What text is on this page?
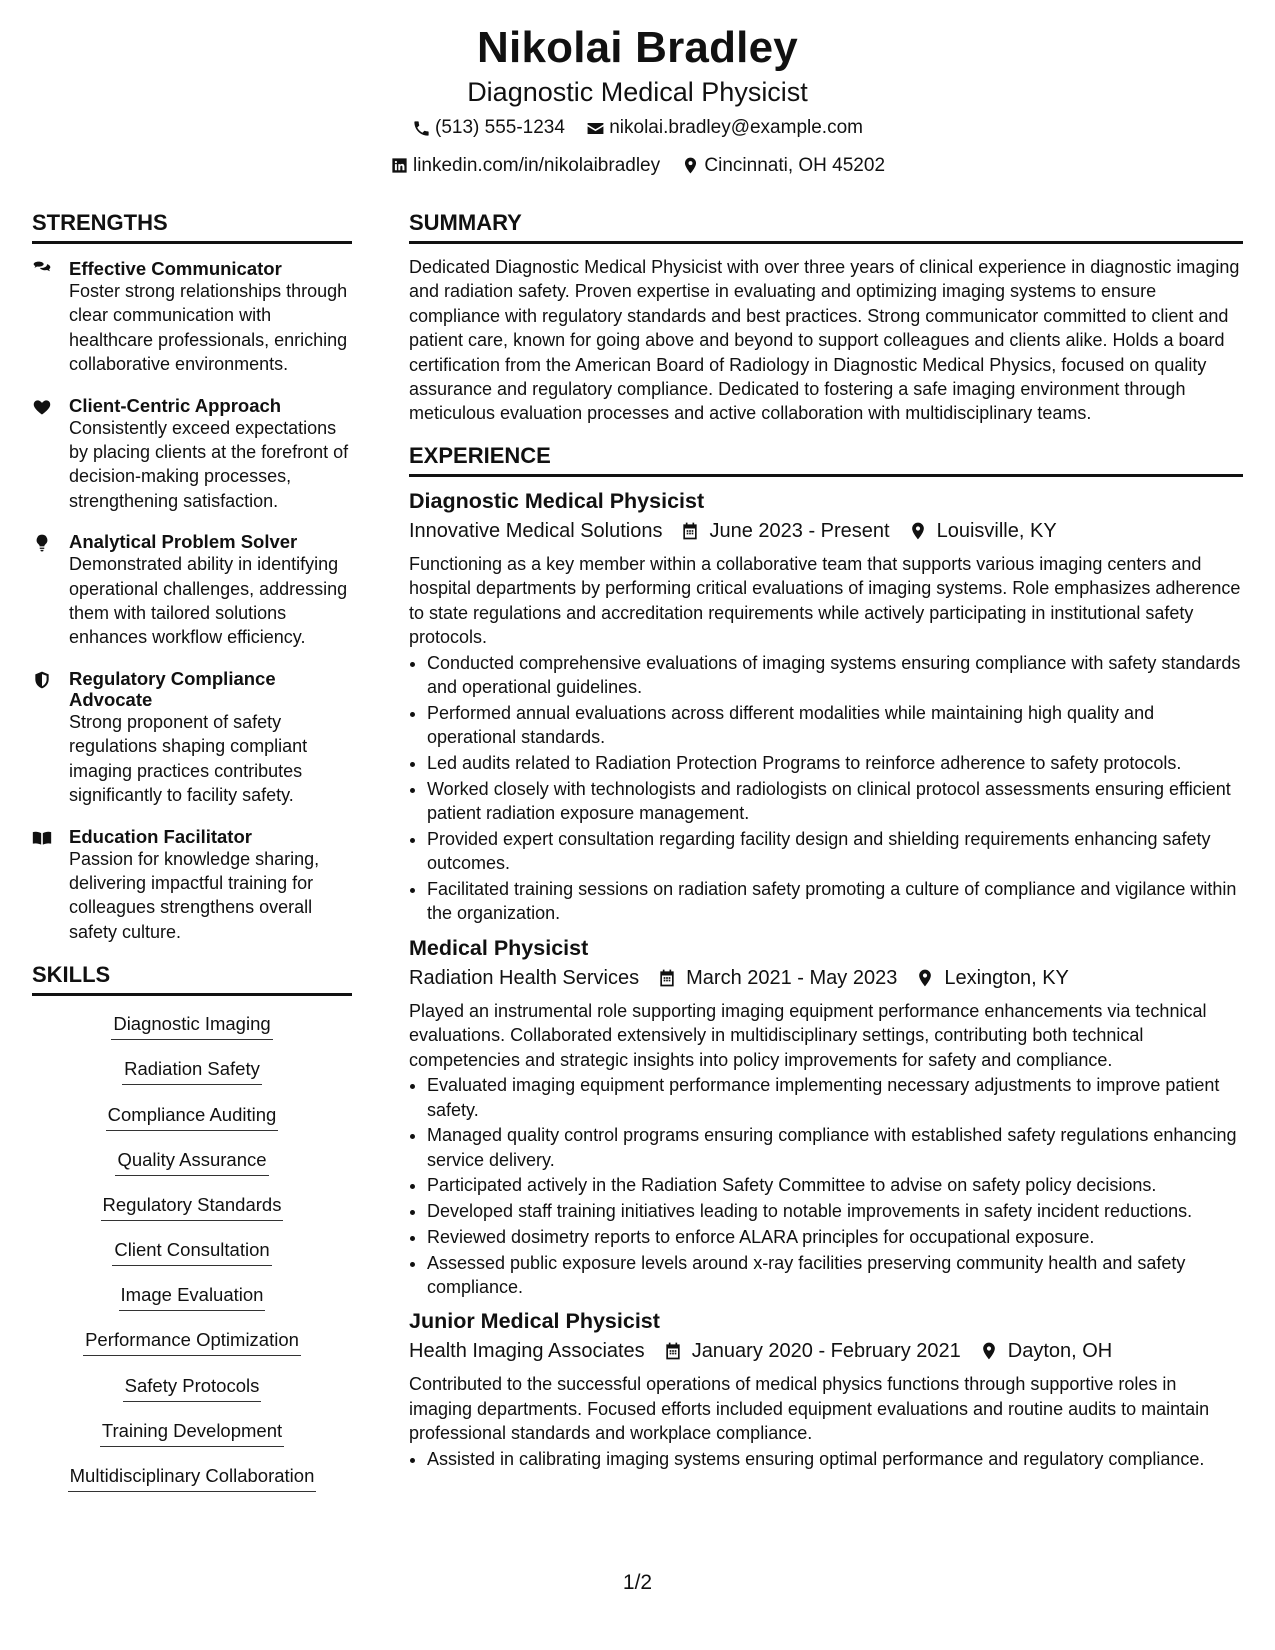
Nikolai Bradley
Diagnostic Medical Physicist
(513) 555-1234
nikolai.bradley@example.com
linkedin.com/in/nikolaibradley
Cincinnati, OH 45202
STRENGTHS
Effective Communicator
Foster strong relationships through clear communication with healthcare professionals, enriching collaborative environments.
Client-Centric Approach
Consistently exceed expectations by placing clients at the forefront of decision-making processes, strengthening satisfaction.
Analytical Problem Solver
Demonstrated ability in identifying operational challenges, addressing them with tailored solutions enhances workflow efficiency.
Regulatory Compliance Advocate
Strong proponent of safety regulations shaping compliant imaging practices contributes significantly to facility safety.
Education Facilitator
Passion for knowledge sharing, delivering impactful training for colleagues strengthens overall safety culture.
SKILLS
Diagnostic Imaging
Radiation Safety
Compliance Auditing
Quality Assurance
Regulatory Standards
Client Consultation
Image Evaluation
Performance Optimization
Safety Protocols
Training Development
Multidisciplinary Collaboration
SUMMARY

Dedicated Diagnostic Medical Physicist with over three years of clinical experience in diagnostic imaging and radiation safety. Proven expertise in evaluating and optimizing imaging systems to ensure compliance with regulatory standards and best practices. Strong communicator committed to client and patient care, known for going above and beyond to support colleagues and clients alike. Holds a board certification from the American Board of Radiology in Diagnostic Medical Physics, focused on quality assurance and regulatory compliance. Dedicated to fostering a safe imaging environment through meticulous evaluation processes and active collaboration with multidisciplinary teams.

EXPERIENCE
Diagnostic Medical Physicist
Innovative Medical Solutions June 2023 - Present Louisville, KY
Functioning as a key member within a collaborative team that supports various imaging centers and hospital departments by performing critical evaluations of imaging systems. Role emphasizes adherence to state regulations and accreditation requirements while actively participating in institutional safety protocols.
• Conducted comprehensive evaluations of imaging systems ensuring compliance with safety standards and operational guidelines.
• Performed annual evaluations across different modalities while maintaining high quality and operational standards.
• Led audits related to Radiation Protection Programs to reinforce adherence to safety protocols.
• Worked closely with technologists and radiologists on clinical protocol assessments ensuring efficient patient radiation exposure management.
• Provided expert consultation regarding facility design and shielding requirements enhancing safety outcomes.
• Facilitated training sessions on radiation safety promoting a culture of compliance and vigilance within the organization.
Medical Physicist
Radiation Health Services March 2021 - May 2023 Lexington, KY
Played an instrumental role supporting imaging equipment performance enhancements via technical evaluations. Collaborated extensively in multidisciplinary settings, contributing both technical competencies and strategic insights into policy improvements for safety and compliance.
• Evaluated imaging equipment performance implementing necessary adjustments to improve patient safety.
• Managed quality control programs ensuring compliance with established safety regulations enhancing service delivery.
• Participated actively in the Radiation Safety Committee to advise on safety policy decisions.
• Developed staff training initiatives leading to notable improvements in safety incident reductions.
• Reviewed dosimetry reports to enforce ALARA principles for occupational exposure.
• Assessed public exposure levels around x-ray facilities preserving community health and safety compliance.
Junior Medical Physicist
Health Imaging Associates January 2020 - February 2021 Dayton, OH
Contributed to the successful operations of medical physics functions through supportive roles in imaging departments. Focused efforts included equipment evaluations and routine audits to maintain professional standards and workplace compliance.
• Assisted in calibrating imaging systems ensuring optimal performance and regulatory compliance.
1/2
